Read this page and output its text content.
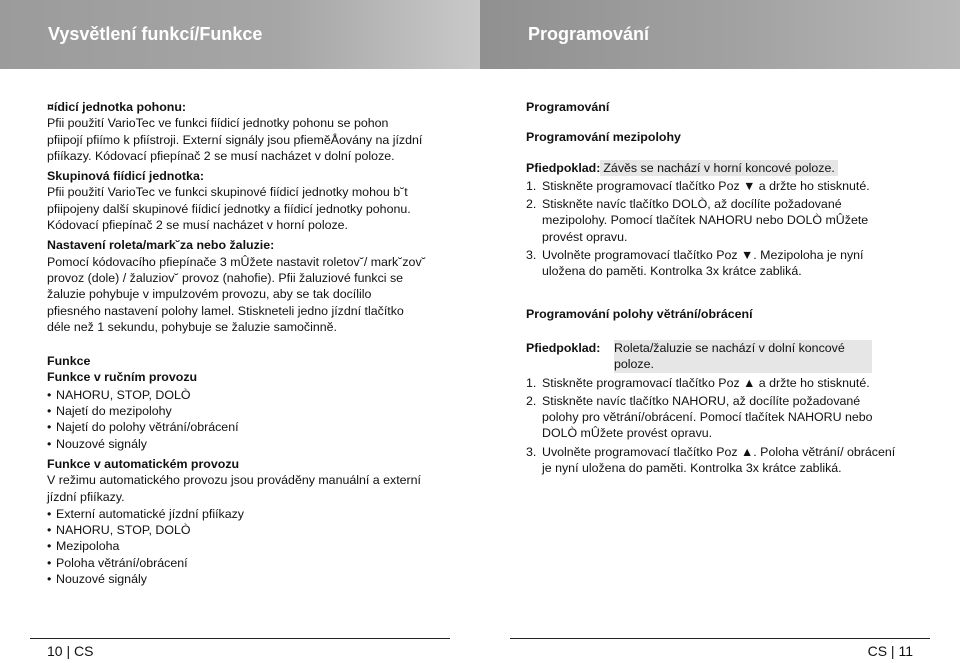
Vysvětlení funkcí/Funkce	Programování

¤ídicí jednotka pohonu:

Pfii použití VarioTec ve funkci fiídicí jednotky pohonu se pohon pfiipojí pfiímo k pfiístroji. Externí signály jsou pfiemĕÅovány na jízdní pfiíkazy. Kódovací pfiepínač 2 se musí nacházet v dolní poloze.

Skupinová fiídicí jednotka:

Pfii použití VarioTec ve funkci skupinové fiídicí jednotky mohou b˘t pfiipojeny další skupinové fiídicí jednotky a fiídicí jednotky pohonu. Kódovací pfiepínač 2 se musí nacházet v horní poloze.

Nastavení roleta/mark˘za nebo žaluzie:

Pomocí kódovacího pfiepínače 3 mÛžete nastavit roletov˘/ mark˘zov˘ provoz (dole) / žaluziov˘ provoz (nahofie). Pfii žaluziové funkci se žaluzie pohybuje v impulzovém provozu, aby se tak docílilo pfiesného nastavení polohy lamel. Stiskneteli jedno jízdní tlačítko déle než 1 sekundu, pohybuje se žaluzie samočinnĕ.

Funkce

Funkce v ručním provozu

• NAHORU, STOP, DOLÒ
• Najetí do mezipolohy
• Najetí do polohy vĕtrání/obrácení
• Nouzové signály

Funkce v automatickém provozu

V režimu automatického provozu jsou provádĕny manuální a externí jízdní pfiíkazy.

• Externí automatické jízdní pfiíkazy
• NAHORU, STOP, DOLÒ
• Mezipoloha
• Poloha vĕtrání/obrácení
• Nouzové signály

Programování

Programování mezipolohy

Pfiedpoklad: Závĕs se nachází v horní koncové poloze.
1. Stisknĕte programovací tlačítko Poz ▼ a držte ho stisknuté.
2. Stisknĕte navíc tlačítko DOLÒ, až docílíte požadované mezipolohy. Pomocí tlačítek NAHORU nebo DOLÒ mÛžete provést opravu.
3. Uvolnĕte programovací tlačítko Poz ▼. Mezipoloha je nyní uložena do pamĕti. Kontrolka 3x krátce zabliká.

Programování polohy vĕtrání/obrácení

Pfiedpoklad:	Roleta/žaluzie se nachází v dolní koncové poloze.
1. Stisknĕte programovací tlačítko Poz ▲ a držte ho stisknuté.
2. Stisknĕte navíc tlačítko NAHORU, až docílíte požadované polohy pro vĕtrání/obrácení. Pomocí tlačítek NAHORU nebo DOLÒ mÛžete provést opravu.
3. Uvolnĕte programovací tlačítko Poz ▲. Poloha vĕtrání/ obrácení je nyní uložena do pamĕti. Kontrolka 3x krátce zabliká.
10 | CS	CS | 11
